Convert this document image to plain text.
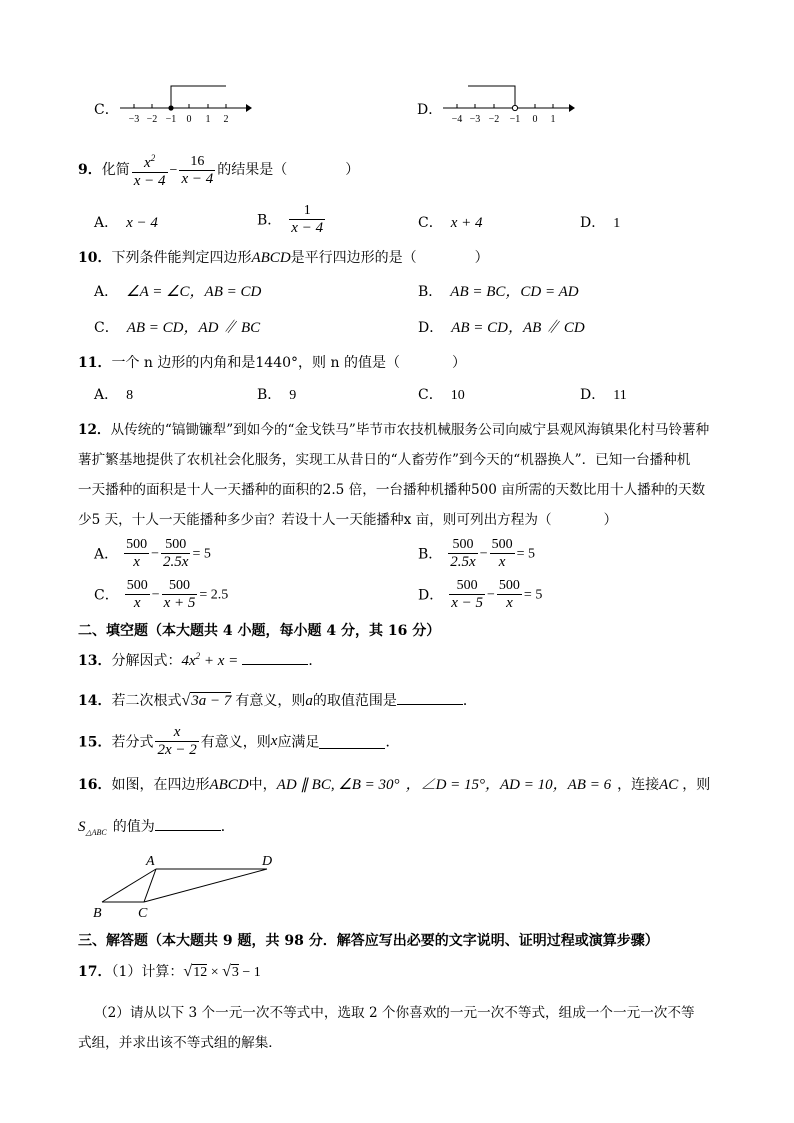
C．
−3 −2 −1 0 1 2
D．
−4 −3 −2 −1 0 1
9．化简 $\frac{x^2}{x - 4} - \frac{16}{x - 4}$ 的结果是（	）
A． x − 4	B． $\frac{1}{x - 4}$	C． x + 4	D． 1
10．下列条件能判定四边形ABCD是平行四边形的是（	）
A． ∠A = ∠C，AB = CD	B． AB = BC，CD = AD
C． AB = CD，AD ∥ BC	D． AB = CD，AB ∥ CD
11．一个 n 边形的内角和是1440°，则 n 的值是（	）
A． 8	B． 9	C． 10	D． 11
12．从传统的“镐锄镰犁”到如今的“金戈铁马”毕节市农技机械服务公司向威宁县观风海镇果化村马铃薯种
薯扩繁基地提供了农机社会化服务，实现工从昔日的“人畜劳作”到今天的“机器换人”．已知一台播种机
一天播种的面积是十人一天播种的面积的2.5 倍，一台播种机播种500 亩所需的天数比用十人播种的天数
少5 天，十人一天能播种多少亩？若设十人一天能播种x 亩，则可列出方程为（	）
A． $\frac{500}{x} - \frac{500}{2.5x} = 5$	B． $\frac{500}{2.5x} - \frac{500}{x} = 5$
C． $\frac{500}{x} - \frac{500}{x + 5} = 2.5$	D． $\frac{500}{x - 5} - \frac{500}{x} = 5$
二、填空题（本大题共 4 小题，每小题 4 分，其 16 分）
13．分解因式：$4x^2 + x$ =	．
14．若二次根式√3a − 7 有意义，则a的取值范围是	．
15．若分式 $\frac{x}{2x - 2}$ 有意义，则x应满足	．
16．如图，在四边形ABCD中，AD ∥ BC, ∠B = 30° ，∠D = 15°，AD = 10，AB = 6 ，连接AC ，则
$S_{\triangle ABC}$ 的值为	．
A	D
B	C
三、解答题（本大题共 9 题，共 98 分．解答应写出必要的文字说明、证明过程或演算步骤）
17．（1）计算：√12 × √3 − 1
（2）请从以下 3 个一元一次不等式中，选取 2 个你喜欢的一元一次不等式，组成一个一元一次不等
式组，并求出该不等式组的解集．
